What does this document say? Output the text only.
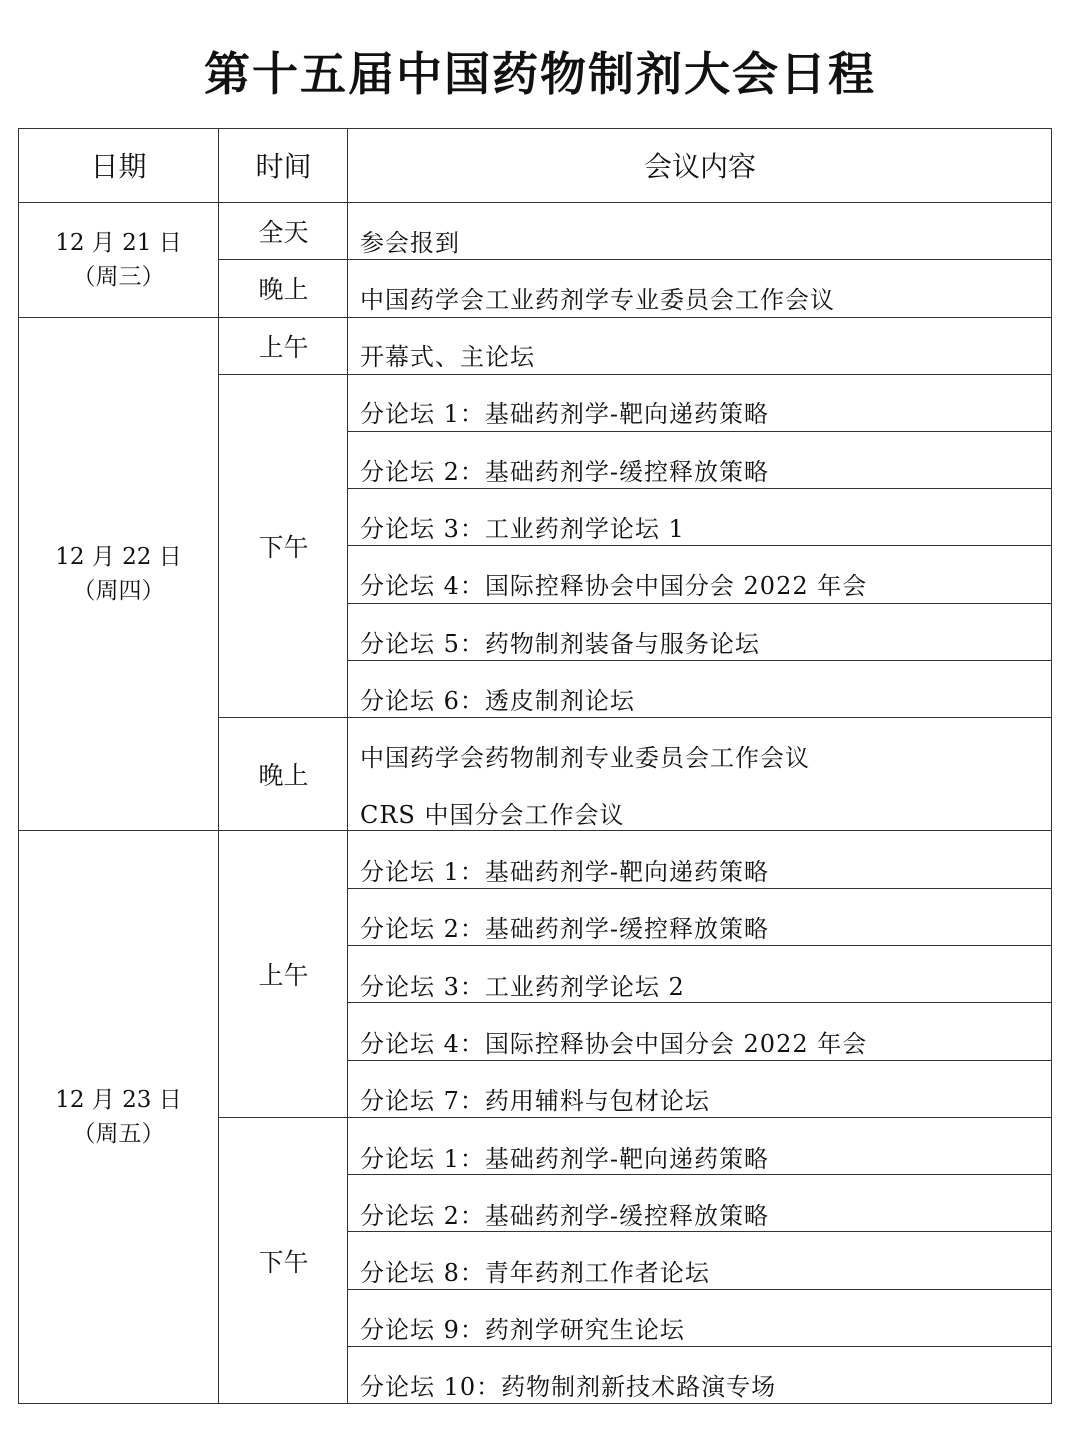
第十五届中国药物制剂大会日程
日期	时间	会议内容
12 月 21 日
（周三）
12 月 22 日
（周四）
12 月 23 日
（周五）
全天
晚上
上午
下午
晚上
上午
下午
参会报到
中国药学会工业药剂学专业委员会工作会议
开幕式、主论坛
分论坛 1：基础药剂学-靶向递药策略
分论坛 2：基础药剂学-缓控释放策略
分论坛 3：工业药剂学论坛 1
分论坛 4：国际控释协会中国分会 2022 年会
分论坛 5：药物制剂装备与服务论坛
分论坛 6：透皮制剂论坛
中国药学会药物制剂专业委员会工作会议
CRS 中国分会工作会议
分论坛 1：基础药剂学-靶向递药策略
分论坛 2：基础药剂学-缓控释放策略
分论坛 3：工业药剂学论坛 2
分论坛 4：国际控释协会中国分会 2022 年会
分论坛 7：药用辅料与包材论坛
分论坛 1：基础药剂学-靶向递药策略
分论坛 2：基础药剂学-缓控释放策略
分论坛 8：青年药剂工作者论坛
分论坛 9：药剂学研究生论坛
分论坛 10：药物制剂新技术路演专场
